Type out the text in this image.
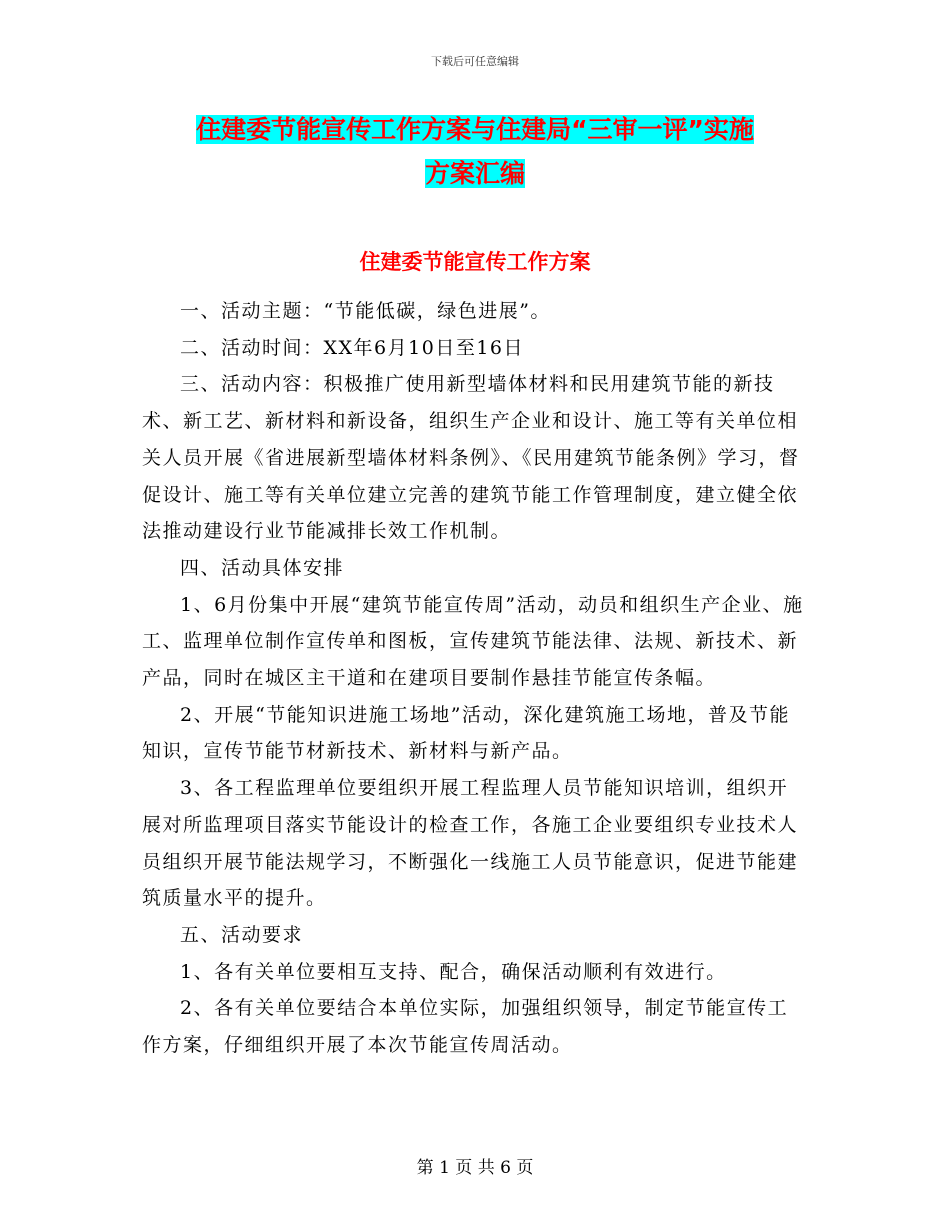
下载后可任意编辑
住建委节能宣传工作方案与住建局“三审一评”实施
方案汇编
住建委节能宣传工作方案

一、活动主题：“节能低碳，绿色进展”。

二、活动时间：XX年6月10日至16日

三、活动内容：积极推广使用新型墙体材料和民用建筑节能的新技术、新工艺、新材料和新设备，组织生产企业和设计、施工等有关单位相关人员开展《省进展新型墙体材料条例》、《民用建筑节能条例》学习，督促设计、施工等有关单位建立完善的建筑节能工作管理制度，建立健全依法推动建设行业节能减排长效工作机制。

四、活动具体安排

1、6月份集中开展“建筑节能宣传周”活动，动员和组织生产企业、施工、监理单位制作宣传单和图板，宣传建筑节能法律、法规、新技术、新产品，同时在城区主干道和在建项目要制作悬挂节能宣传条幅。

2、开展“节能知识进施工场地”活动，深化建筑施工场地，普及节能知识，宣传节能节材新技术、新材料与新产品。

3、各工程监理单位要组织开展工程监理人员节能知识培训，组织开展对所监理项目落实节能设计的检查工作，各施工企业要组织专业技术人员组织开展节能法规学习，不断强化一线施工人员节能意识，促进节能建筑质量水平的提升。

五、活动要求

1、各有关单位要相互支持、配合，确保活动顺利有效进行。

2、各有关单位要结合本单位实际，加强组织领导，制定节能宣传工作方案，仔细组织开展了本次节能宣传周活动。

第 1 页 共 6 页
